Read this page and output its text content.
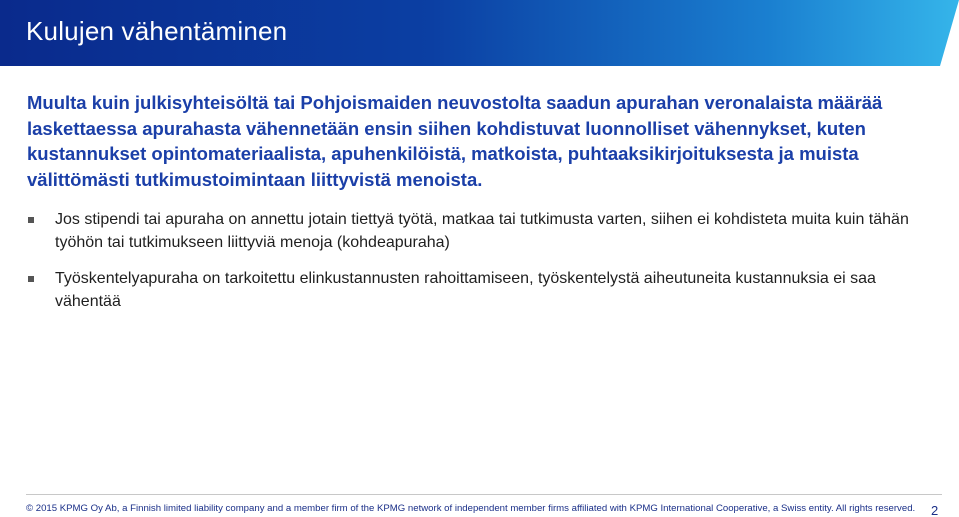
Kulujen vähentäminen

Muulta kuin julkisyhteisöltä tai Pohjoismaiden neuvostolta saadun apurahan veronalaista määrää laskettaessa apurahasta vähennetään ensin siihen kohdistuvat luonnolliset vähennykset, kuten kustannukset opintomateriaalista, apuhenkilöistä, matkoista, puhtaaksikirjoituksesta ja muista välittömästi tutkimustoimintaan liittyvistä menoista.

Jos stipendi tai apuraha on annettu jotain tiettyä työtä, matkaa tai tutkimusta varten, siihen ei kohdisteta muita kuin tähän työhön tai tutkimukseen liittyviä menoja (kohdeapuraha)
Työskentelyapuraha on tarkoitettu elinkustannusten rahoittamiseen, työskentelystä aiheutuneita kustannuksia ei saa vähentää
© 2015 KPMG Oy Ab, a Finnish limited liability company and a member firm of the KPMG network of independent member firms affiliated with KPMG International Cooperative, a Swiss entity. All rights reserved. 2
